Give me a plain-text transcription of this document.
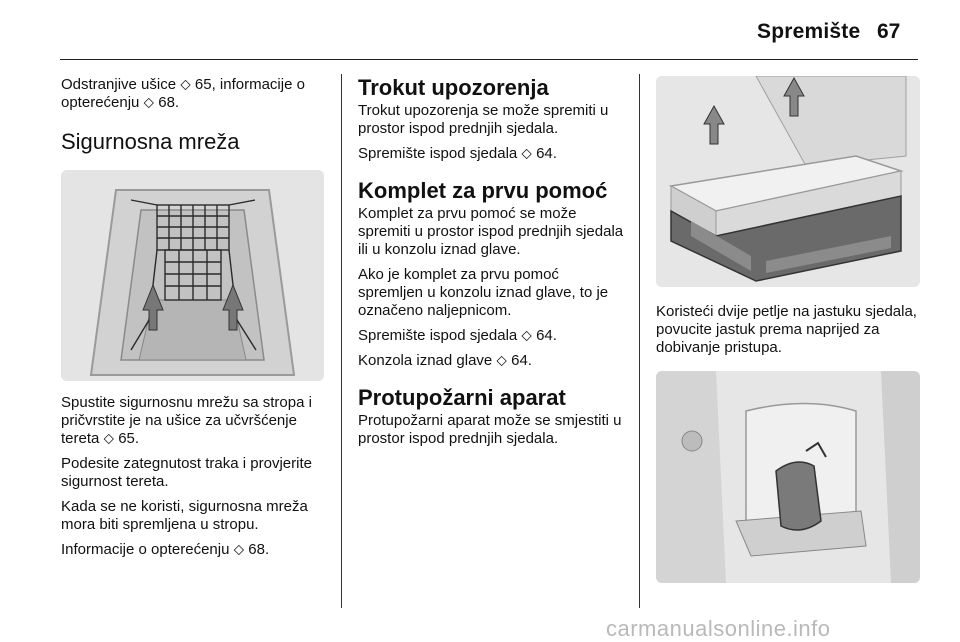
Spremište 67

Odstranjive ušice ⬦ 65, informacije o opterećenju ⬦ 68.

Sigurnosna mreža

Spustite sigurnosnu mrežu sa stropa i pričvrstite je na ušice za učvršćenje tereta ⬦ 65.

Podesite zategnutost traka i provjerite sigurnost tereta.

Kada se ne koristi, sigurnosna mreža mora biti spremljena u stropu.

Informacije o opterećenju ⬦ 68.

Trokut upozorenja

Trokut upozorenja se može spremiti u prostor ispod prednjih sjedala.

Spremište ispod sjedala ⬦ 64.

Komplet za prvu pomoć

Komplet za prvu pomoć se može spremiti u prostor ispod prednjih sjedala ili u konzolu iznad glave.

Ako je komplet za prvu pomoć spremljen u konzolu iznad glave, to je označeno naljepnicom.

Spremište ispod sjedala ⬦ 64.

Konzola iznad glave ⬦ 64.

Protupožarni aparat

Protupožarni aparat može se smjestiti u prostor ispod prednjih sjedala.

Koristeći dvije petlje na jastuku sjedala, povucite jastuk prema naprijed za dobivanje pristupa.

carmanualsonline.info
